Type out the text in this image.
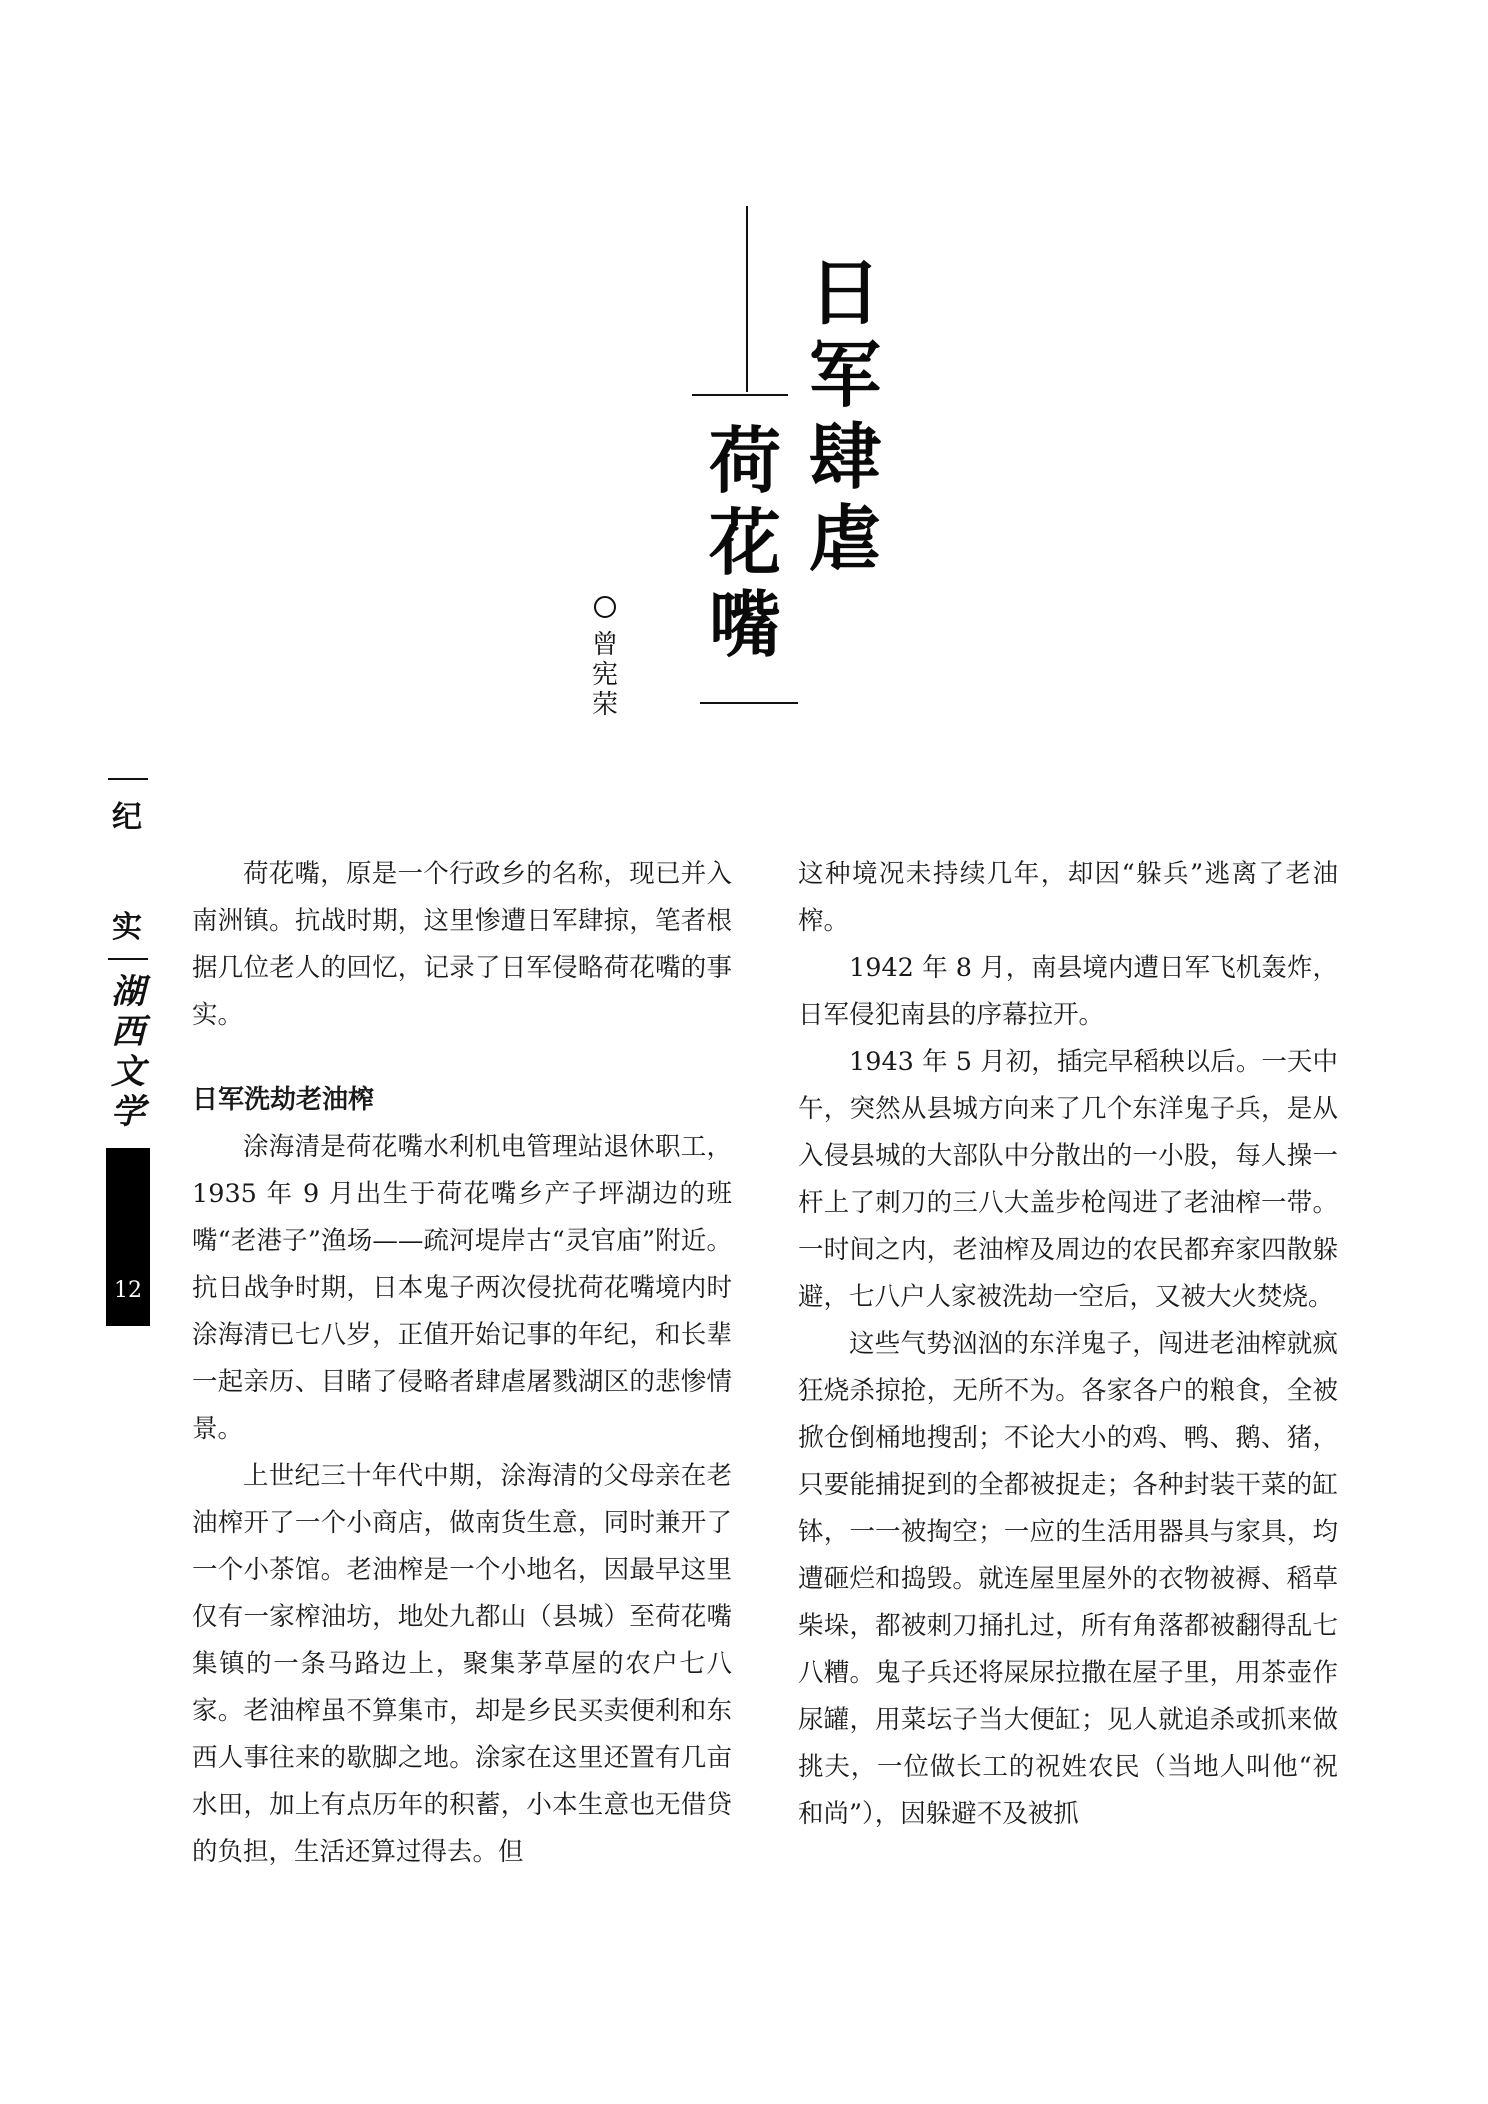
日
军
肆
虐
荷
花
嘴
曾
宪
荣
纪
实
湖
西
文
学
12

荷花嘴，原是一个行政乡的名称，现已并入南洲镇。抗战时期，这里惨遭日军肆掠，笔者根据几位老人的回忆，记录了日军侵略荷花嘴的事实。

日军洗劫老油榨

涂海清是荷花嘴水利机电管理站退休职工，1935 年 9 月出生于荷花嘴乡产子坪湖边的班嘴“老港子”渔场——疏河堤岸古“灵官庙”附近。抗日战争时期，日本鬼子两次侵扰荷花嘴境内时涂海清已七八岁，正值开始记事的年纪，和长辈一起亲历、目睹了侵略者肆虐屠戮湖区的悲惨情景。

上世纪三十年代中期，涂海清的父母亲在老油榨开了一个小商店，做南货生意，同时兼开了一个小茶馆。老油榨是一个小地名，因最早这里仅有一家榨油坊，地处九都山（县城）至荷花嘴集镇的一条马路边上，聚集茅草屋的农户七八家。老油榨虽不算集市，却是乡民买卖便利和东西人事往来的歇脚之地。涂家在这里还置有几亩水田，加上有点历年的积蓄，小本生意也无借贷的负担，生活还算过得去。但

这种境况未持续几年，却因“躲兵”逃离了老油榨。

1942 年 8 月，南县境内遭日军飞机轰炸，日军侵犯南县的序幕拉开。

1943 年 5 月初，插完早稻秧以后。一天中午，突然从县城方向来了几个东洋鬼子兵，是从入侵县城的大部队中分散出的一小股，每人操一杆上了刺刀的三八大盖步枪闯进了老油榨一带。一时间之内，老油榨及周边的农民都弃家四散躲避，七八户人家被洗劫一空后，又被大火焚烧。

这些气势汹汹的东洋鬼子，闯进老油榨就疯狂烧杀掠抢，无所不为。各家各户的粮食，全被掀仓倒桶地搜刮；不论大小的鸡、鸭、鹅、猪，只要能捕捉到的全都被捉走；各种封装干菜的缸钵，一一被掏空；一应的生活用器具与家具，均遭砸烂和捣毁。就连屋里屋外的衣物被褥、稻草柴垛，都被刺刀捅扎过，所有角落都被翻得乱七八糟。鬼子兵还将屎尿拉撒在屋子里，用茶壶作尿罐，用菜坛子当大便缸；见人就追杀或抓来做挑夫，一位做长工的祝姓农民（当地人叫他“祝和尚”），因躲避不及被抓
